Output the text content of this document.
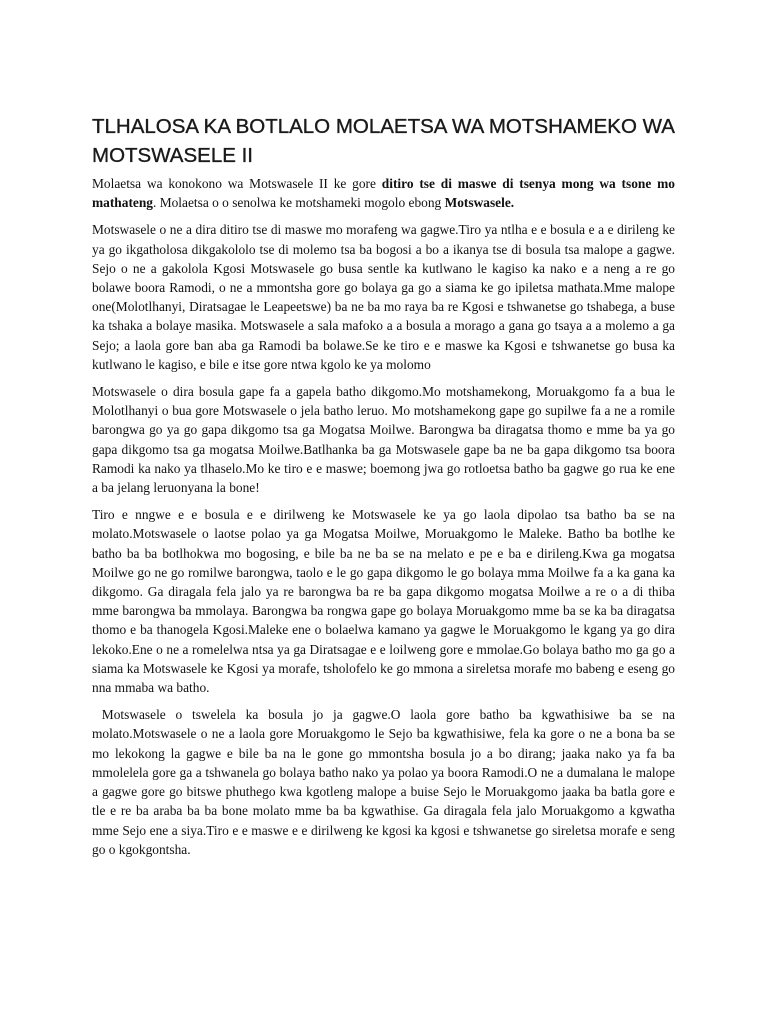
TLHALOSA KA BOTLALO MOLAETSA WA MOTSHAMEKO WA MOTSWASELE II

Molaetsa wa konokono wa Motswasele II ke gore ditiro tse di maswe di tsenya mong wa tsone mo mathateng. Molaetsa o o senolwa ke motshameki mogolo ebong Motswasele.

Motswasele o ne a dira ditiro tse di maswe mo morafeng wa gagwe.Tiro ya ntlha e e bosula e a e dirileng ke ya go ikgatholosa dikgakololo tse di molemo tsa ba bogosi a bo a ikanya tse di bosula tsa malope a gagwe. Sejo o ne a gakolola Kgosi Motswasele go busa sentle ka kutlwano le kagiso ka nako e a neng a re go bolawe boora Ramodi, o ne a mmontsha gore go bolaya ga go a siama ke go ipiletsa mathata.Mme malope one(Molotlhanyi, Diratsagae le Leapeetswe) ba ne ba mo raya ba re Kgosi e tshwanetse go tshabega, a buse ka tshaka a bolaye masika. Motswasele a sala mafoko a a bosula a morago a gana go tsaya a a molemo a ga Sejo; a laola gore ban aba ga Ramodi ba bolawe.Se ke tiro e e maswe ka Kgosi e tshwanetse go busa ka kutlwano le kagiso, e bile e itse gore ntwa kgolo ke ya molomo

Motswasele o dira bosula gape fa a gapela batho dikgomo.Mo motshamekong, Moruakgomo fa a bua le Molotlhanyi o bua gore Motswasele o jela batho leruo. Mo motshamekong gape go supilwe fa a ne a romile barongwa go ya go gapa dikgomo tsa ga Mogatsa Moilwe. Barongwa ba diragatsa thomo e mme ba ya go gapa dikgomo tsa ga mogatsa Moilwe.Batlhanka ba ga Motswasele gape ba ne ba gapa dikgomo tsa boora Ramodi ka nako ya tlhaselo.Mo ke tiro e e maswe; boemong jwa go rotloetsa batho ba gagwe go rua ke ene a ba jelang leruonyana la bone!

Tiro e nngwe e e bosula e e dirilweng ke Motswasele ke ya go laola dipolao tsa batho ba se na molato.Motswasele o laotse polao ya ga Mogatsa Moilwe, Moruakgomo le Maleke. Batho ba botlhe ke batho ba ba botlhokwa mo bogosing, e bile ba ne ba se na melato e pe e ba e dirileng.Kwa ga mogatsa Moilwe go ne go romilwe barongwa, taolo e le go gapa dikgomo le go bolaya mma Moilwe fa a ka gana ka dikgomo. Ga diragala fela jalo ya re barongwa ba re ba gapa dikgomo mogatsa Moilwe a re o a di thiba mme barongwa ba mmolaya. Barongwa ba rongwa gape go bolaya Moruakgomo mme ba se ka ba diragatsa thomo e ba thanogela Kgosi.Maleke ene o bolaelwa kamano ya gagwe le Moruakgomo le kgang ya go dira lekoko.Ene o ne a romelelwa ntsa ya ga Diratsagae e e loilweng gore e mmolae.Go bolaya batho mo ga go a siama ka Motswasele ke Kgosi ya morafe, tsholofelo ke go mmona a sireletsa morafe mo babeng e eseng go nna mmaba wa batho.

Motswasele o tswelela ka bosula jo ja gagwe.O laola gore batho ba kgwathisiwe ba se na molato.Motswasele o ne a laola gore Moruakgomo le Sejo ba kgwathisiwe, fela ka gore o ne a bona ba se mo lekokong la gagwe e bile ba na le gone go mmontsha bosula jo a bo dirang; jaaka nako ya fa ba mmolelela gore ga a tshwanela go bolaya batho nako ya polao ya boora Ramodi.O ne a dumalana le malope a gagwe gore go bitswe phuthego kwa kgotleng malope a buise Sejo le Moruakgomo jaaka ba batla gore e tle e re ba araba ba ba bone molato mme ba ba kgwathise. Ga diragala fela jalo Moruakgomo a kgwatha mme Sejo ene a siya.Tiro e e maswe e e dirilweng ke kgosi ka kgosi e tshwanetse go sireletsa morafe e seng go o kgokgontsha.
